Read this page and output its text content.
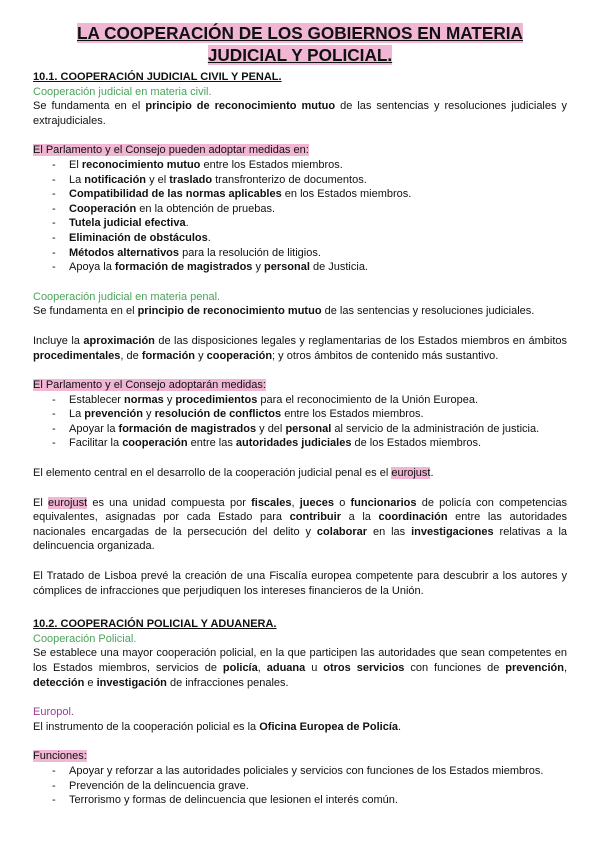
LA COOPERACIÓN DE LOS GOBIERNOS EN MATERIA
JUDICIAL Y POLICIAL.
10.1. COOPERACIÓN JUDICIAL CIVIL Y PENAL.
Cooperación judicial en materia civil.

Se fundamenta en el principio de reconocimiento mutuo de las sentencias y resoluciones judiciales y extrajudiciales.

El Parlamento y el Consejo pueden adoptar medidas en:
- El reconocimiento mutuo entre los Estados miembros.
- La notificación y el traslado transfronterizo de documentos.
- Compatibilidad de las normas aplicables en los Estados miembros.
- Cooperación en la obtención de pruebas.
- Tutela judicial efectiva.
- Eliminación de obstáculos.
- Métodos alternativos para la resolución de litigios.
- Apoya la formación de magistrados y personal de Justicia.
Cooperación judicial en materia penal.

Se fundamenta en el principio de reconocimiento mutuo de las sentencias y resoluciones judiciales.

Incluye la aproximación de las disposiciones legales y reglamentarias de los Estados miembros en ámbitos procedimentales, de formación y cooperación; y otros ámbitos de contenido más sustantivo.

El Parlamento y el Consejo adoptarán medidas:
- Establecer normas y procedimientos para el reconocimiento de la Unión Europea.
- La prevención y resolución de conflictos entre los Estados miembros.
- Apoyar la formación de magistrados y del personal al servicio de la administración de justicia.
- Facilitar la cooperación entre las autoridades judiciales de los Estados miembros.

El elemento central en el desarrollo de la cooperación judicial penal es el eurojust.

El eurojust es una unidad compuesta por fiscales, jueces o funcionarios de policía con competencias equivalentes, asignadas por cada Estado para contribuir a la coordinación entre las autoridades nacionales encargadas de la persecución del delito y colaborar en las investigaciones relativas a la delincuencia organizada.

El Tratado de Lisboa prevé la creación de una Fiscalía europea competente para descubrir a los autores y cómplices de infracciones que perjudiquen los intereses financieros de la Unión.

10.2. COOPERACIÓN POLICIAL Y ADUANERA.
Cooperación Policial.

Se establece una mayor cooperación policial, en la que participen las autoridades que sean competentes en los Estados miembros, servicios de policía, aduana u otros servicios con funciones de prevención, detección e investigación de infracciones penales.

Europol.

El instrumento de la cooperación policial es la Oficina Europea de Policía.

Funciones:
- Apoyar y reforzar a las autoridades policiales y servicios con funciones de los Estados miembros.
- Prevención de la delincuencia grave.
- Terrorismo y formas de delincuencia que lesionen el interés común.
